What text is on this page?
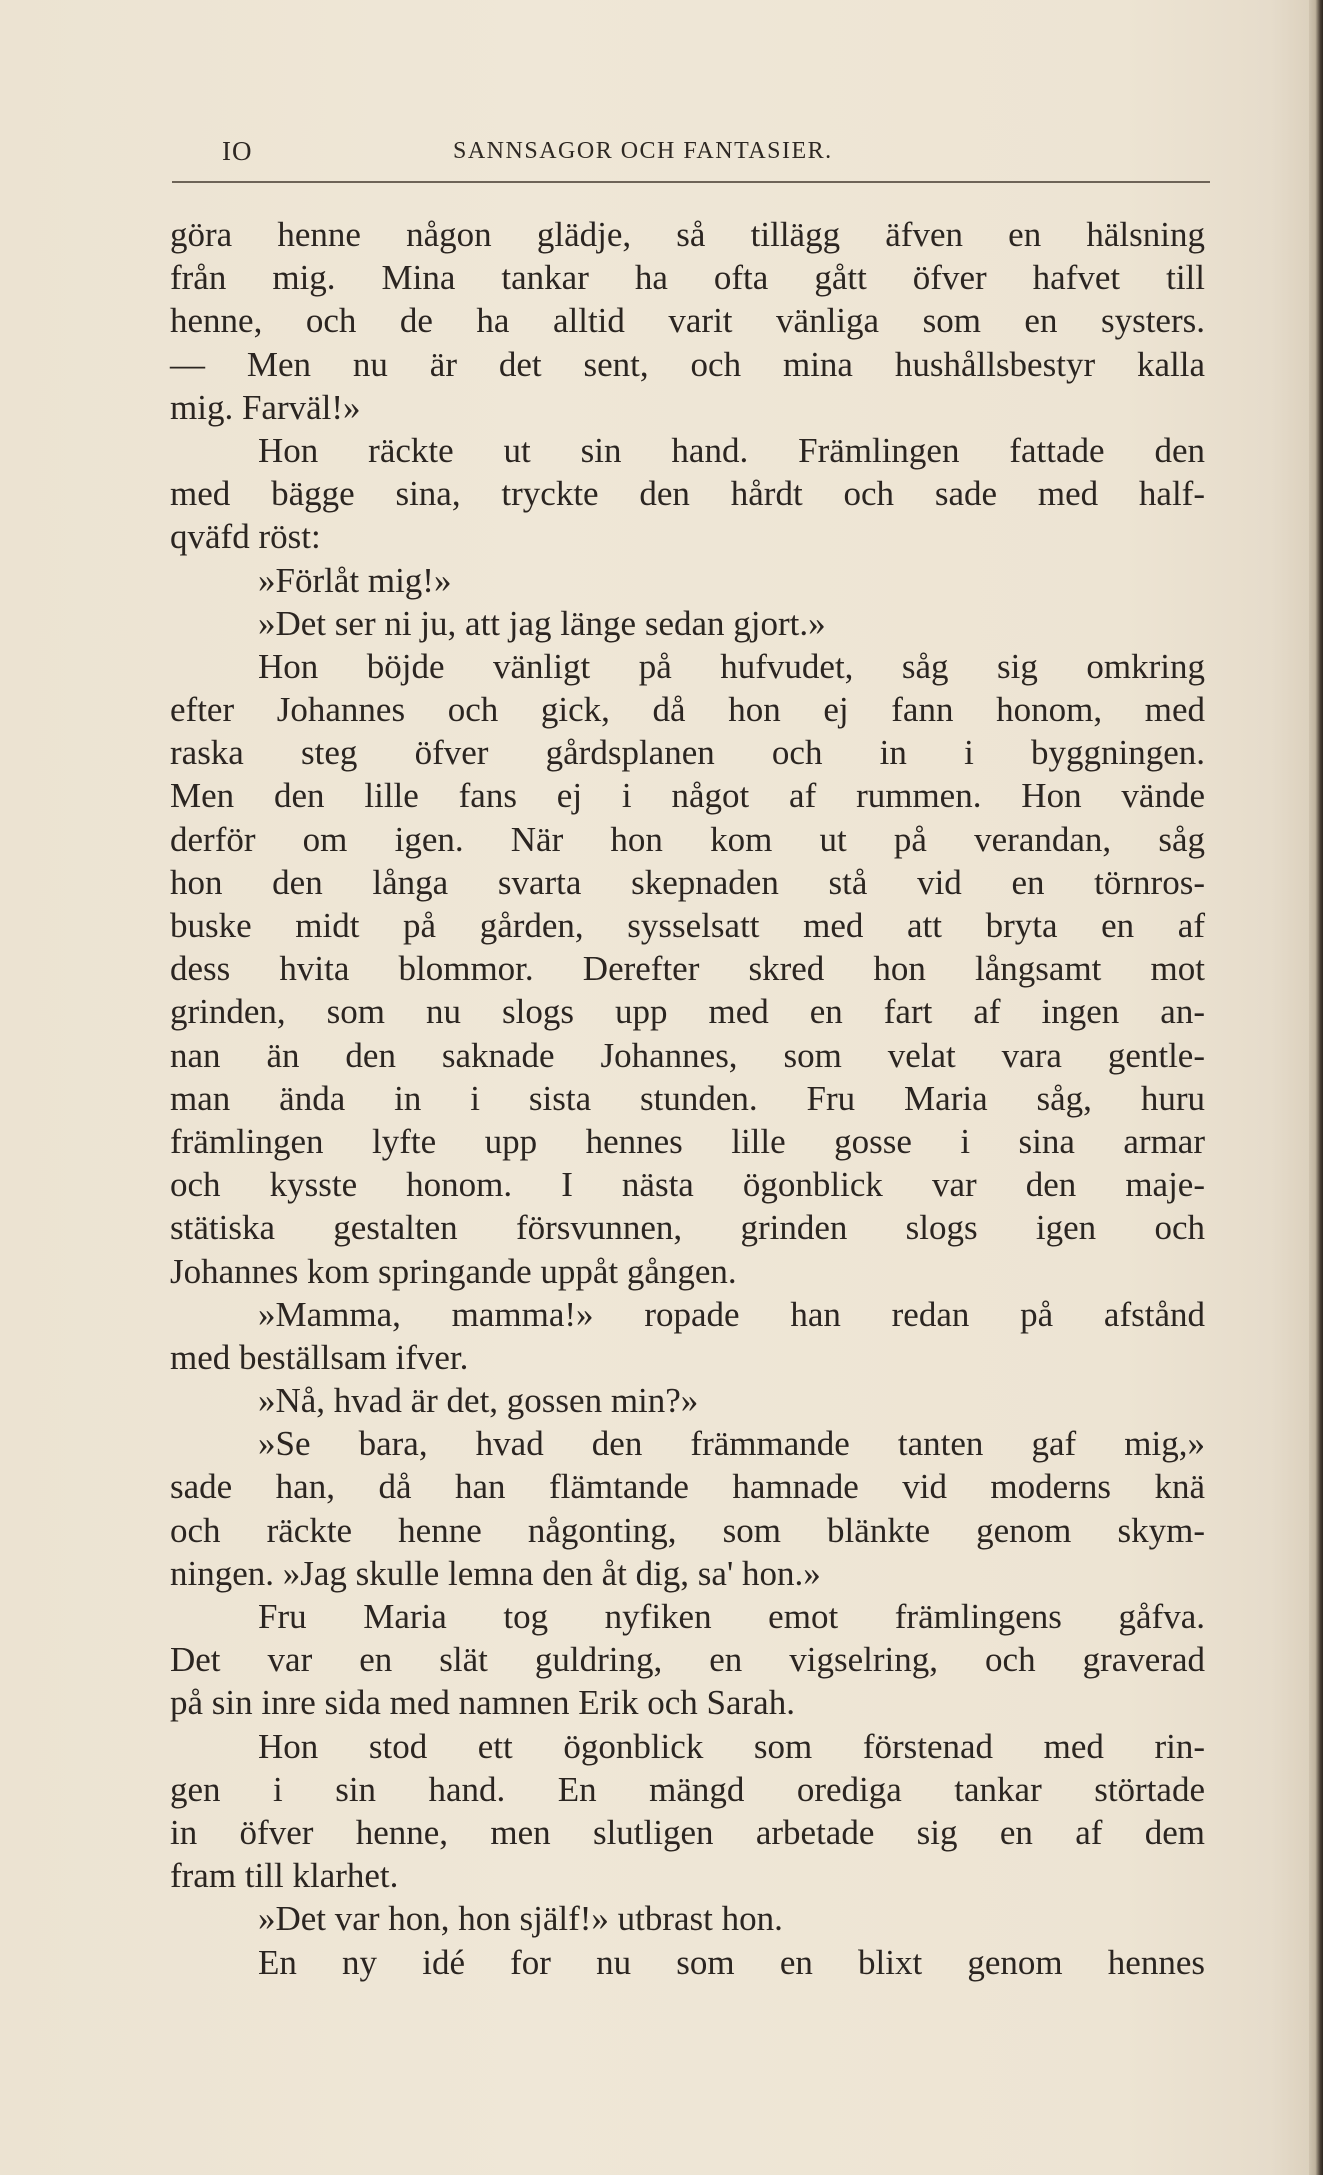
IO	SANNSAGOR OCH FANTASIER.
göra henne någon glädje, så tillägg äfven en hälsning
från mig. Mina tankar ha ofta gått öfver hafvet till
henne, och de ha alltid varit vänliga som en systers.
— Men nu är det sent, och mina hushållsbestyr kalla
mig. Farväl!»
Hon räckte ut sin hand. Främlingen fattade den
med bägge sina, tryckte den hårdt och sade med half-
qväfd röst:
»Förlåt mig!»
»Det ser ni ju, att jag länge sedan gjort.»
Hon böjde vänligt på hufvudet, såg sig omkring
efter Johannes och gick, då hon ej fann honom, med
raska steg öfver gårdsplanen och in i byggningen.
Men den lille fans ej i något af rummen. Hon vände
derför om igen. När hon kom ut på verandan, såg
hon den långa svarta skepnaden stå vid en törnros-
buske midt på gården, sysselsatt med att bryta en af
dess hvita blommor. Derefter skred hon långsamt mot
grinden, som nu slogs upp med en fart af ingen an-
nan än den saknade Johannes, som velat vara gentle-
man ända in i sista stunden. Fru Maria såg, huru
främlingen lyfte upp hennes lille gosse i sina armar
och kysste honom. I nästa ögonblick var den maje-
stätiska gestalten försvunnen, grinden slogs igen och
Johannes kom springande uppåt gången.
»Mamma, mamma!» ropade han redan på afstånd
med beställsam ifver.
»Nå, hvad är det, gossen min?»
»Se bara, hvad den främmande tanten gaf mig,»
sade han, då han flämtande hamnade vid moderns knä
och räckte henne någonting, som blänkte genom skym-
ningen. »Jag skulle lemna den åt dig, sa' hon.»
Fru Maria tog nyfiken emot främlingens gåfva.
Det var en slät guldring, en vigselring, och graverad
på sin inre sida med namnen Erik och Sarah.
Hon stod ett ögonblick som förstenad med rin-
gen i sin hand. En mängd orediga tankar störtade
in öfver henne, men slutligen arbetade sig en af dem
fram till klarhet.
»Det var hon, hon själf!» utbrast hon.
En ny idé for nu som en blixt genom hennes
